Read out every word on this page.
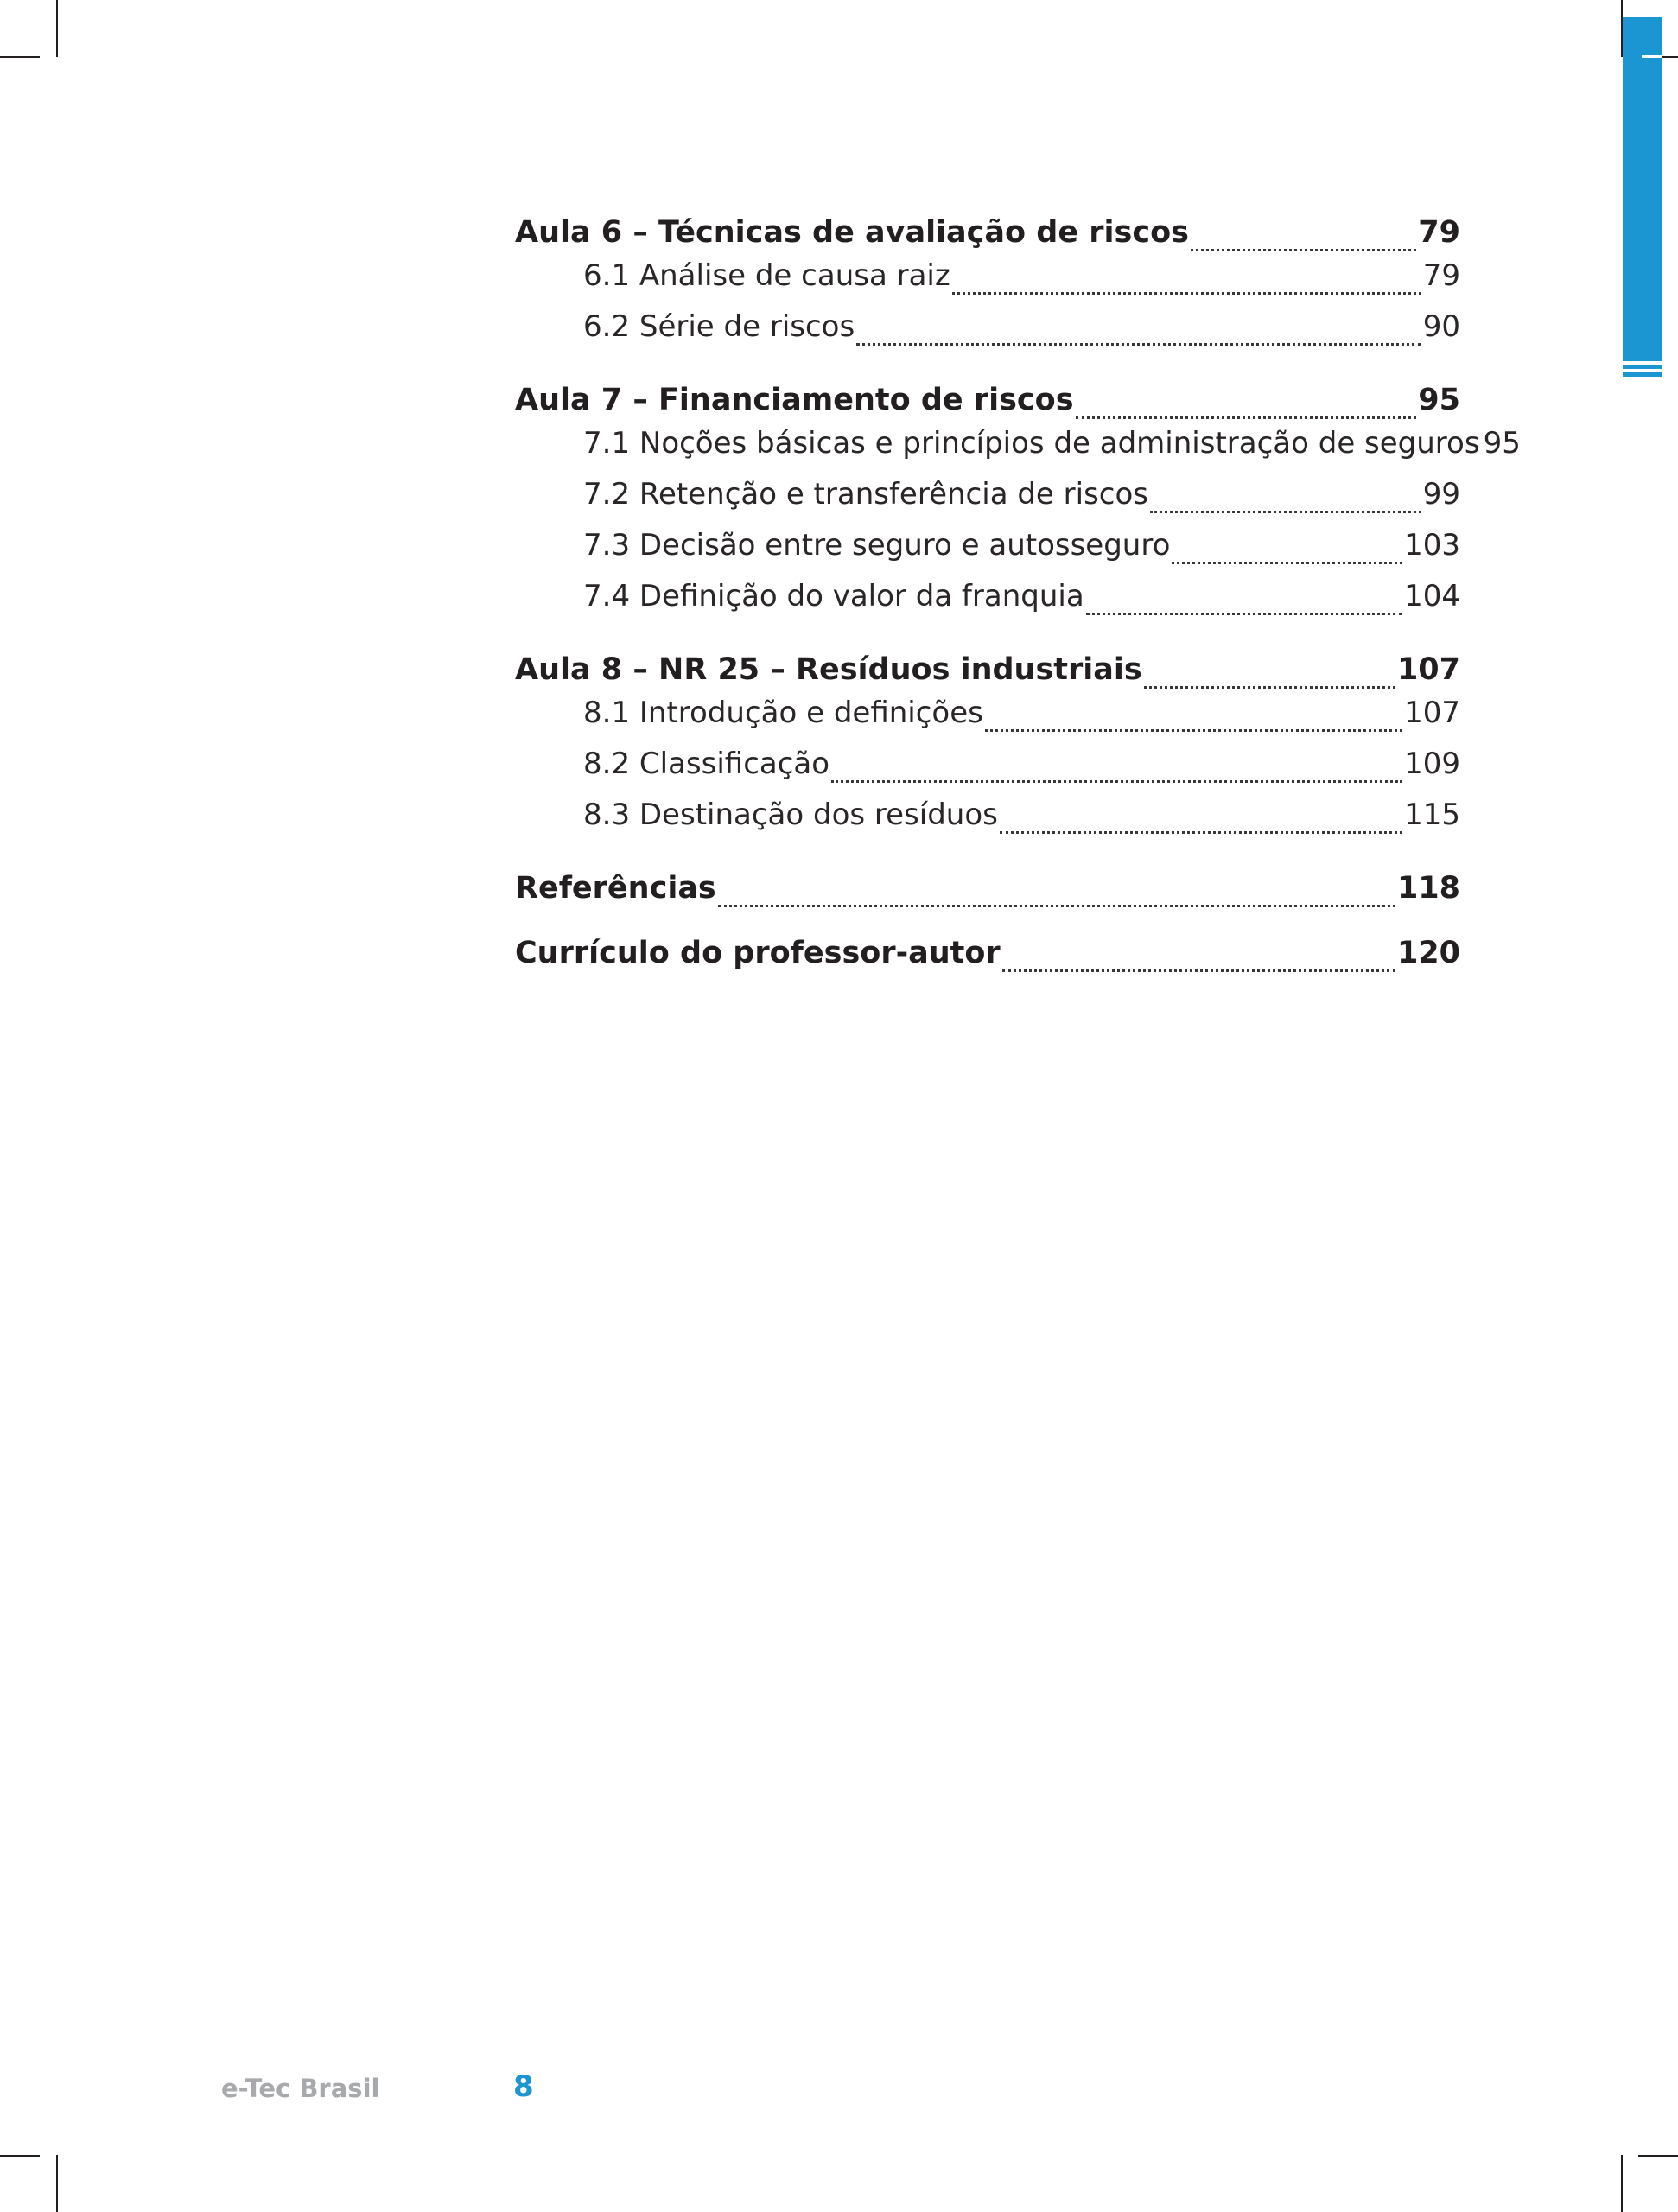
Aula 6 – Técnicas de avaliação de riscos	79
6.1 Análise de causa raiz	79
6.2 Série de riscos	90
Aula 7 – Financiamento de riscos	95
7.1 Noções básicas e princípios de administração de seguros 95
7.2 Retenção e transferência de riscos	99
7.3 Decisão entre seguro e autosseguro	103
7.4 Definição do valor da franquia	104
Aula 8 – NR 25 – Resíduos industriais	107
8.1 Introdução e definições	107
8.2 Classificação	109
8.3 Destinação dos resíduos	115
Referências	118
Currículo do professor-autor	120
e-Tec Brasil	8
